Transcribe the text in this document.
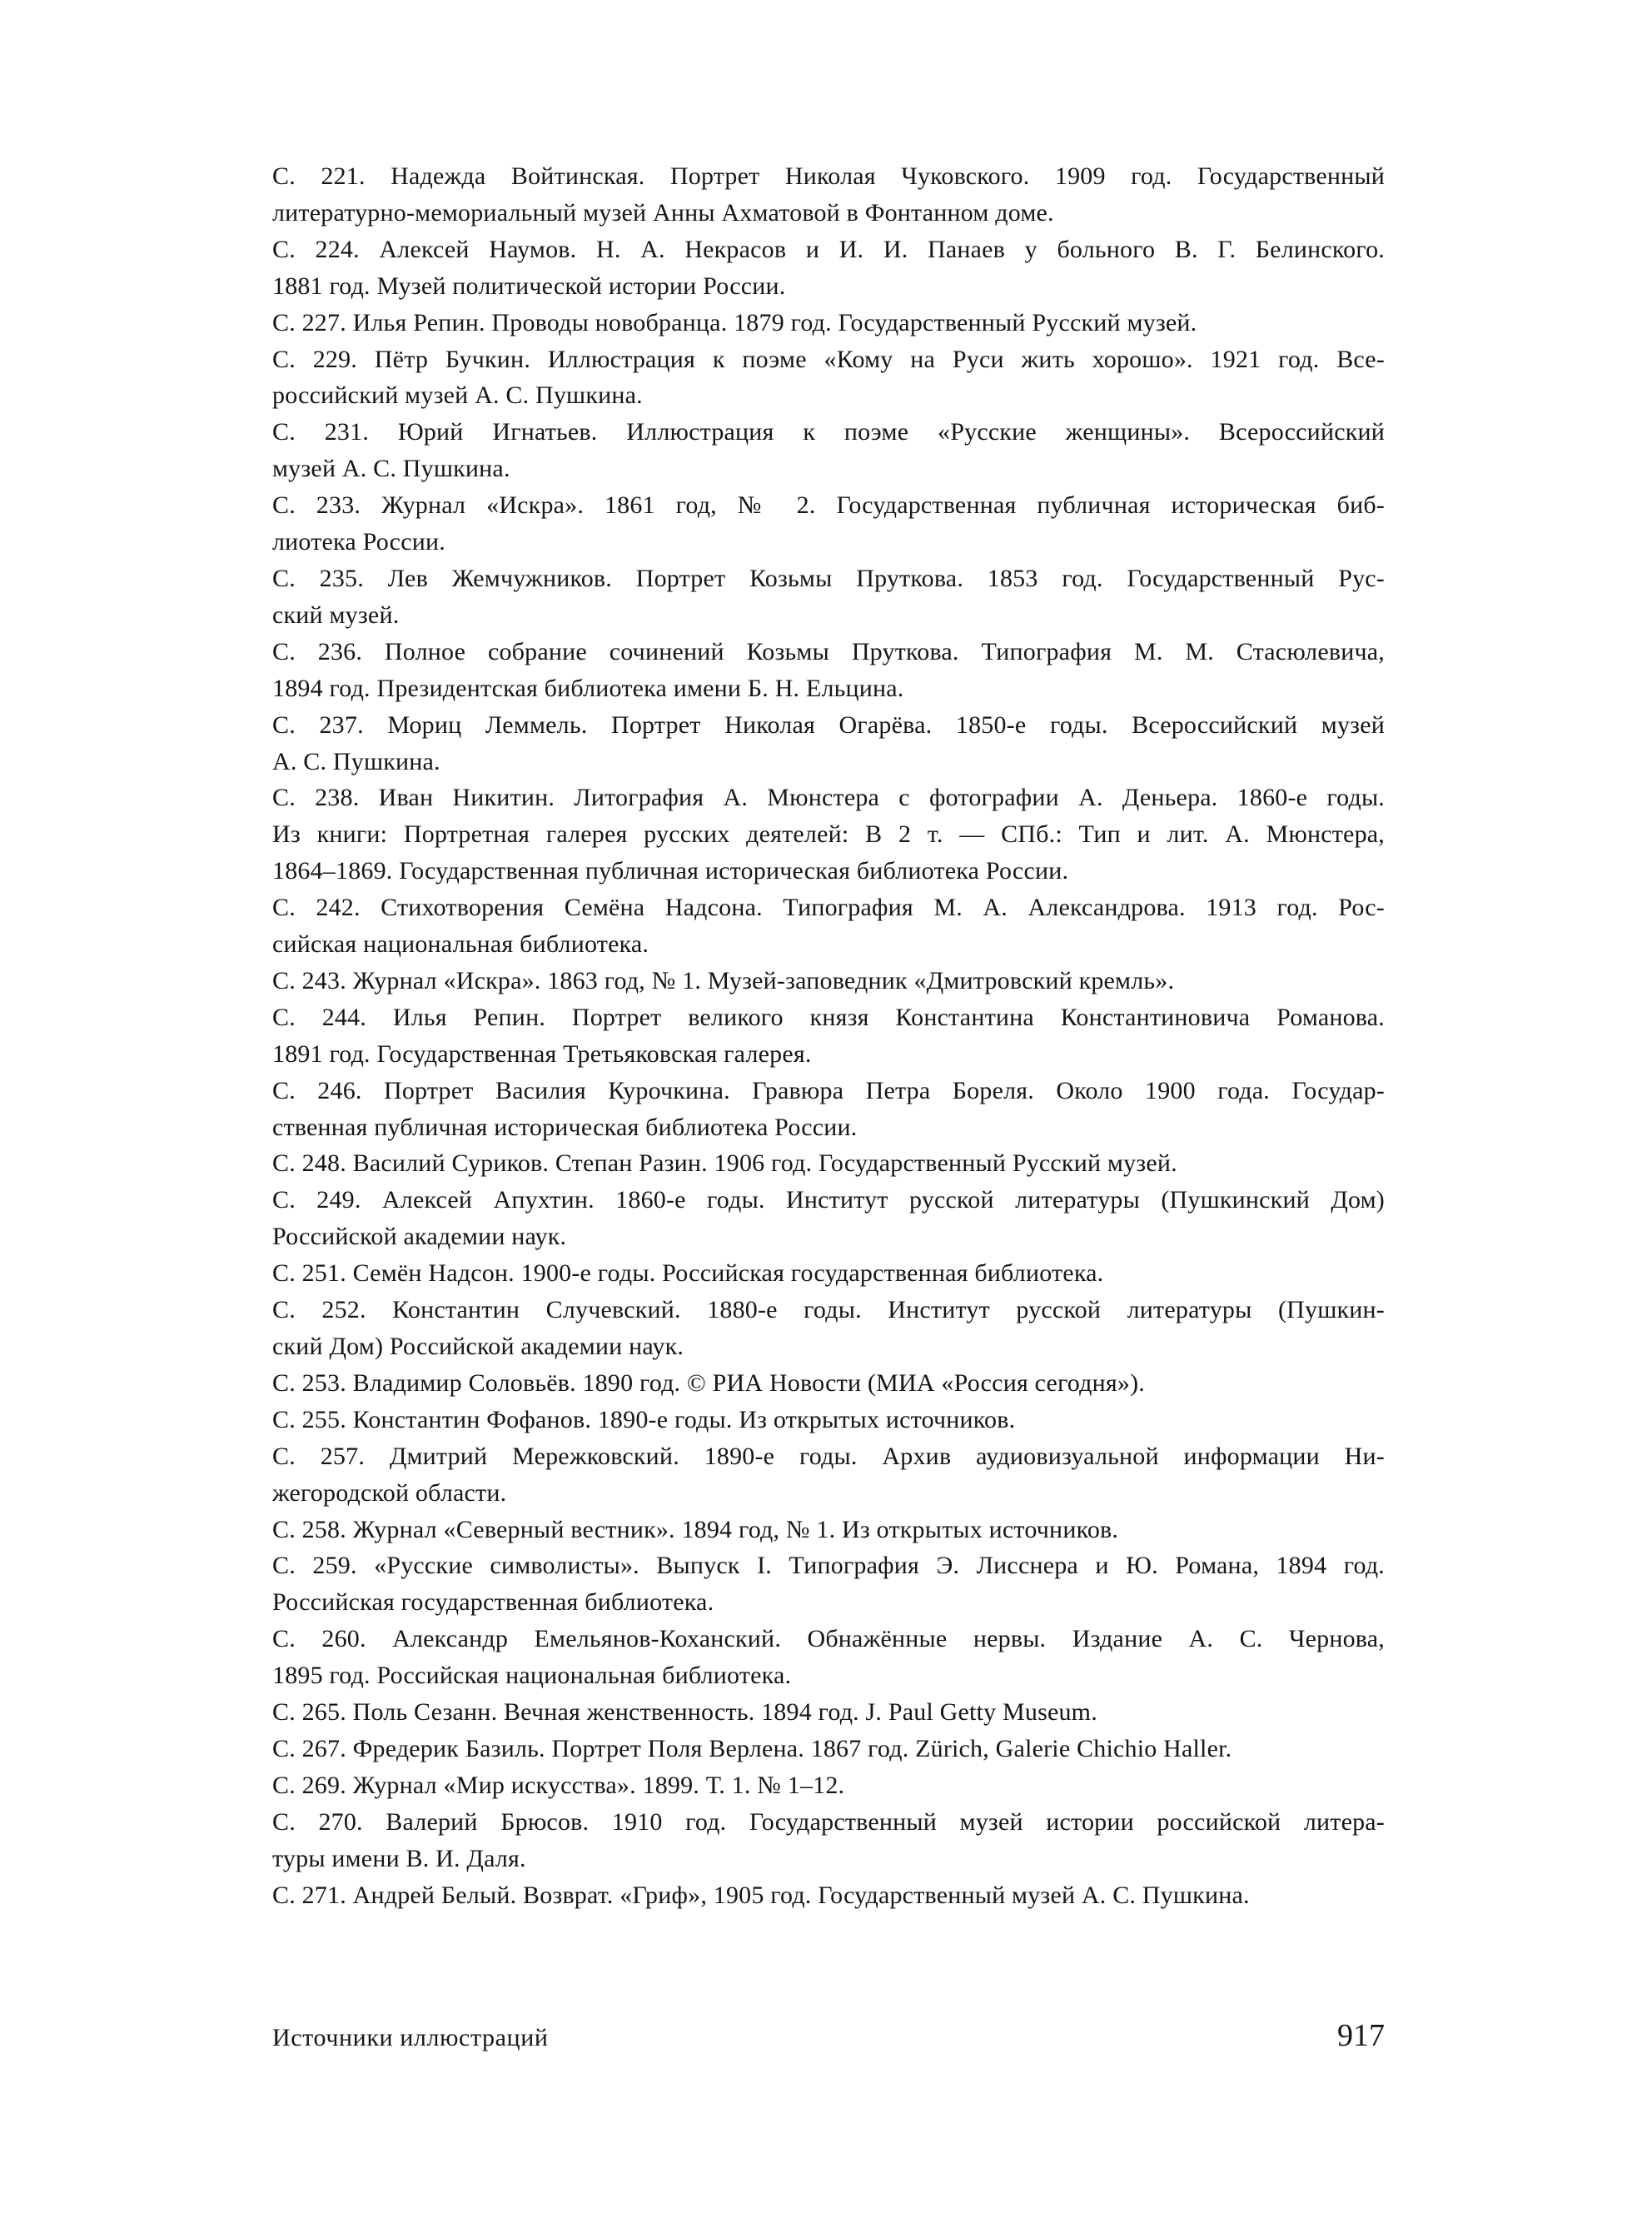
С. 221. Надежда Войтинская. Портрет Николая Чуковского. 1909 год. Государственный
литературно-мемориальный музей Анны Ахматовой в Фонтанном доме.
С. 224. Алексей Наумов. Н. А. Некрасов и И. И. Панаев у больного В. Г. Белинского.
1881 год. Музей политической истории России.
С. 227. Илья Репин. Проводы новобранца. 1879 год. Государственный Русский музей.
С. 229. Пётр Бучкин. Иллюстрация к поэме «Кому на Руси жить хорошо». 1921 год. Все-
российский музей А. С. Пушкина.
С. 231. Юрий Игнатьев. Иллюстрация к поэме «Русские женщины». Всероссийский
музей А. С. Пушкина.
С. 233. Журнал «Искра». 1861 год, № 2. Государственная публичная историческая биб-
лиотека России.
С. 235. Лев Жемчужников. Портрет Козьмы Пруткова. 1853 год. Государственный Рус-
ский музей.
С. 236. Полное собрание сочинений Козьмы Пруткова. Типография М. М. Стасюлевича,
1894 год. Президентская библиотека имени Б. Н. Ельцина.
С. 237. Мориц Леммель. Портрет Николая Огарёва. 1850-е годы. Всероссийский музей
А. С. Пушкина.
С. 238. Иван Никитин. Литография А. Мюнстера с фотографии А. Деньера. 1860-е годы.
Из книги: Портретная галерея русских деятелей: В 2 т. — СПб.: Тип и лит. А. Мюнстера,
1864–1869. Государственная публичная историческая библиотека России.
С. 242. Стихотворения Семёна Надсона. Типография М. А. Александрова. 1913 год. Рос-
сийская национальная библиотека.
С. 243. Журнал «Искра». 1863 год, № 1. Музей-заповедник «Дмитровский кремль».
С. 244. Илья Репин. Портрет великого князя Константина Константиновича Романова.
1891 год. Государственная Третьяковская галерея.
С. 246. Портрет Василия Курочкина. Гравюра Петра Бореля. Около 1900 года. Государ-
ственная публичная историческая библиотека России.
С. 248. Василий Суриков. Степан Разин. 1906 год. Государственный Русский музей.
С. 249. Алексей Апухтин. 1860-е годы. Институт русской литературы (Пушкинский Дом)
Российской академии наук.
С. 251. Семён Надсон. 1900-е годы. Российская государственная библиотека.
С. 252. Константин Случевский. 1880-е годы. Институт русской литературы (Пушкин-
ский Дом) Российской академии наук.
С. 253. Владимир Соловьёв. 1890 год. © РИА Новости (МИА «Россия сегодня»).
С. 255. Константин Фофанов. 1890-е годы. Из открытых источников.
С. 257. Дмитрий Мережковский. 1890-е годы. Архив аудиовизуальной информации Ни-
жегородской области.
С. 258. Журнал «Северный вестник». 1894 год, № 1. Из открытых источников.
С. 259. «Русские символисты». Выпуск I. Типография Э. Лисснера и Ю. Романа, 1894 год.
Российская государственная библиотека.
С. 260. Александр Емельянов-Коханский. Обнажённые нервы. Издание А. С. Чернова,
1895 год. Российская национальная библиотека.
С. 265. Поль Сезанн. Вечная женственность. 1894 год. J. Paul Getty Museum.
С. 267. Фредерик Базиль. Портрет Поля Верлена. 1867 год. Zürich, Galerie Chichio Haller.
С. 269. Журнал «Мир искусства». 1899. Т. 1. № 1–12.
С. 270. Валерий Брюсов. 1910 год. Государственный музей истории российской литера-
туры имени В. И. Даля.
С. 271. Андрей Белый. Возврат. «Гриф», 1905 год. Государственный музей А. С. Пушкина.
Источники иллюстраций	917
